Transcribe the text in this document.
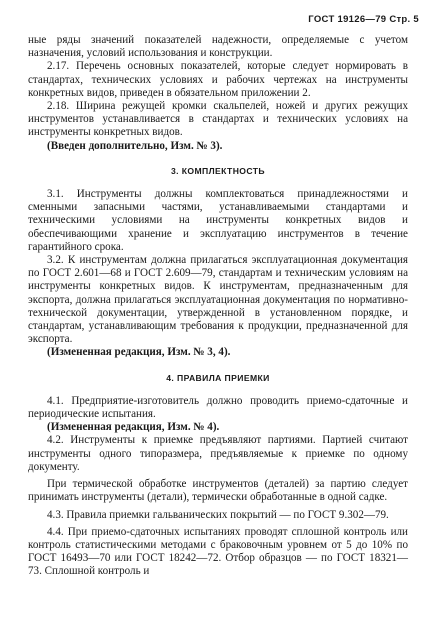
ГОСТ 19126—79 Стр. 5

ные ряды значений показателей надежности, определяемые с учетом назначения, условий использования и конструкции.

2.17. Перечень основных показателей, которые следует нормировать в стандартах, технических условиях и рабочих чертежах на инструменты конкретных видов, приведен в обязательном приложении 2.

2.18. Ширина режущей кромки скальпелей, ножей и других режущих инструментов устанавливается в стандартах и технических условиях на инструменты конкретных видов.

(Введен дополнительно, Изм. № 3).

3. КОМПЛЕКТНОСТЬ

3.1. Инструменты должны комплектоваться принадлежностями и сменными запасными частями, устанавливаемыми стандартами и техническими условиями на инструменты конкретных видов и обеспечивающими хранение и эксплуатацию инструментов в течение гарантийного срока.

3.2. К инструментам должна прилагаться эксплуатационная документация по ГОСТ 2.601—68 и ГОСТ 2.609—79, стандартам и техническим условиям на инструменты конкретных видов. К инструментам, предназначенным для экспорта, должна прилагаться эксплуатационная документация по нормативно-технической документации, утвержденной в установленном порядке, и стандартам, устанавливающим требования к продукции, предназначенной для экспорта.

(Измененная редакция, Изм. № 3, 4).

4. ПРАВИЛА ПРИЕМКИ

4.1. Предприятие-изготовитель должно проводить приемо-сдаточные и периодические испытания.

(Измененная редакция, Изм. № 4).

4.2. Инструменты к приемке предъявляют партиями. Партией считают инструменты одного типоразмера, предъявляемые к приемке по одному документу.

При термической обработке инструментов (деталей) за партию следует принимать инструменты (детали), термически обработанные в одной садке.

4.3. Правила приемки гальванических покрытий — по ГОСТ 9.302—79.

4.4. При приемо-сдаточных испытаниях проводят сплошной контроль или контроль статистическими методами с браковочным уровнем от 5 до 10% по ГОСТ 16493—70 или ГОСТ 18242—72. Отбор образцов — по ГОСТ 18321—73. Сплошной контроль и
